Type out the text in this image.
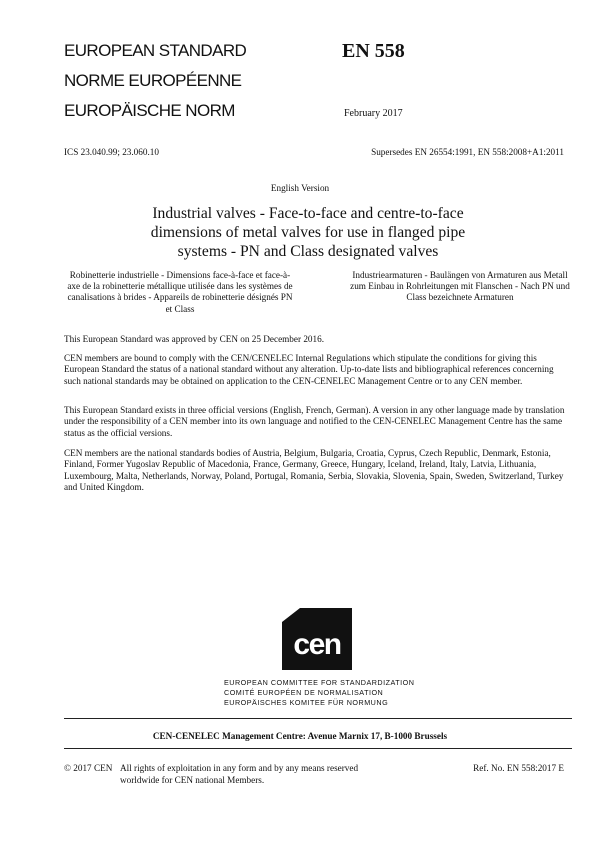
EUROPEAN STANDARD
NORME EUROPÉENNE
EUROPÄISCHE NORM
EN 558
February 2017
ICS 23.040.99; 23.060.10	Supersedes EN 26554:1991, EN 558:2008+A1:2011
English Version
Industrial valves - Face-to-face and centre-to-face dimensions of metal valves for use in flanged pipe systems - PN and Class designated valves
Robinetterie industrielle - Dimensions face-à-face et face-à-axe de la robinetterie métallique utilisée dans les systèmes de canalisations à brides - Appareils de robinetterie désignés PN et Class
Industriearmaturen - Baulängen von Armaturen aus Metall zum Einbau in Rohrleitungen mit Flanschen - Nach PN und Class bezeichnete Armaturen
This European Standard was approved by CEN on 25 December 2016.
CEN members are bound to comply with the CEN/CENELEC Internal Regulations which stipulate the conditions for giving this European Standard the status of a national standard without any alteration. Up-to-date lists and bibliographical references concerning such national standards may be obtained on application to the CEN-CENELEC Management Centre or to any CEN member.
This European Standard exists in three official versions (English, French, German). A version in any other language made by translation under the responsibility of a CEN member into its own language and notified to the CEN-CENELEC Management Centre has the same status as the official versions.
CEN members are the national standards bodies of Austria, Belgium, Bulgaria, Croatia, Cyprus, Czech Republic, Denmark, Estonia, Finland, Former Yugoslav Republic of Macedonia, France, Germany, Greece, Hungary, Iceland, Ireland, Italy, Latvia, Lithuania, Luxembourg, Malta, Netherlands, Norway, Poland, Portugal, Romania, Serbia, Slovakia, Slovenia, Spain, Sweden, Switzerland, Turkey and United Kingdom.
cen
EUROPEAN COMMITTEE FOR STANDARDIZATION
COMITÉ EUROPÉEN DE NORMALISATION
EUROPÄISCHES KOMITEE FÜR NORMUNG
CEN-CENELEC Management Centre: Avenue Marnix 17, B-1000 Brussels
© 2017 CEN All rights of exploitation in any form and by any means reserved worldwide for CEN national Members.
Ref. No. EN 558:2017 E
